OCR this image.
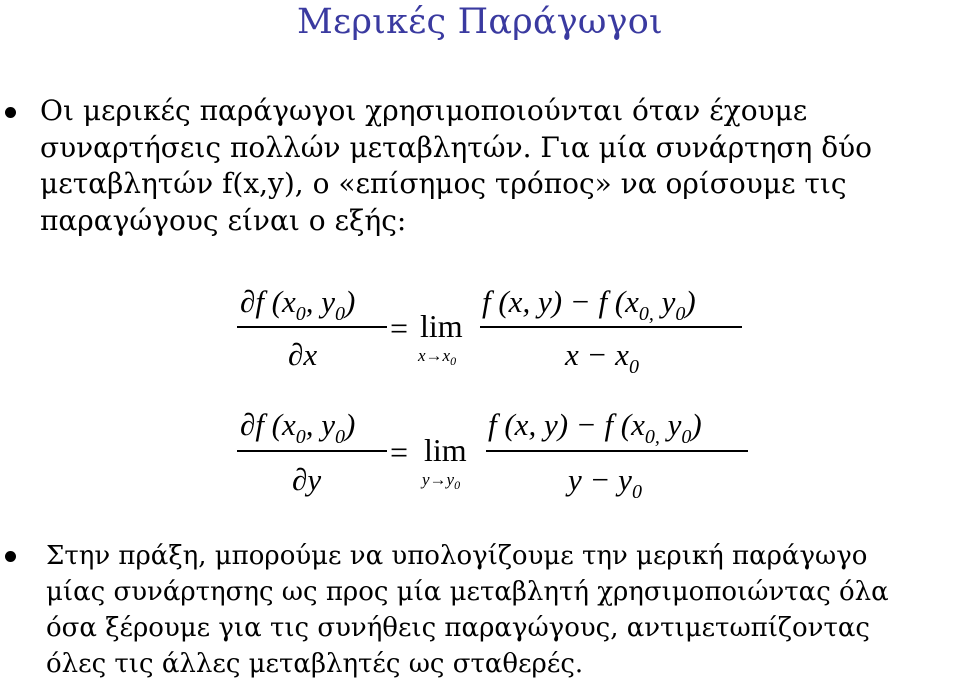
Μερικές Παράγωγοι
Οι μερικές παράγωγοι χρησιμοποιούνται όταν έχουμε
συναρτήσεις πολλών μεταβλητών. Για μία συνάρτηση δύο
μεταβλητών f(x,y), ο «επίσημος τρόπος» να ορίσουμε τις
παραγώγους είναι ο εξής:
∂f ($x_0$, $y_0$)
∂x
= lim
$x\to x_0$
f (x, y) − f ($x_{0,}$ $y_0$)
$x - x_0$
∂f ($x_0$, $y_0$)
∂y
= lim
$y\to y_0$
f (x, y) − f ($x_{0,}$ $y_0$)
$y - y_0$
Στην πράξη, μπορούμε να υπολογίζουμε την μερική παράγωγο
μίας συνάρτησης ως προς μία μεταβλητή χρησιμοποιώντας όλα
όσα ξέρουμε για τις συνήθεις παραγώγους, αντιμετωπίζοντας
όλες τις άλλες μεταβλητές ως σταθερές.
